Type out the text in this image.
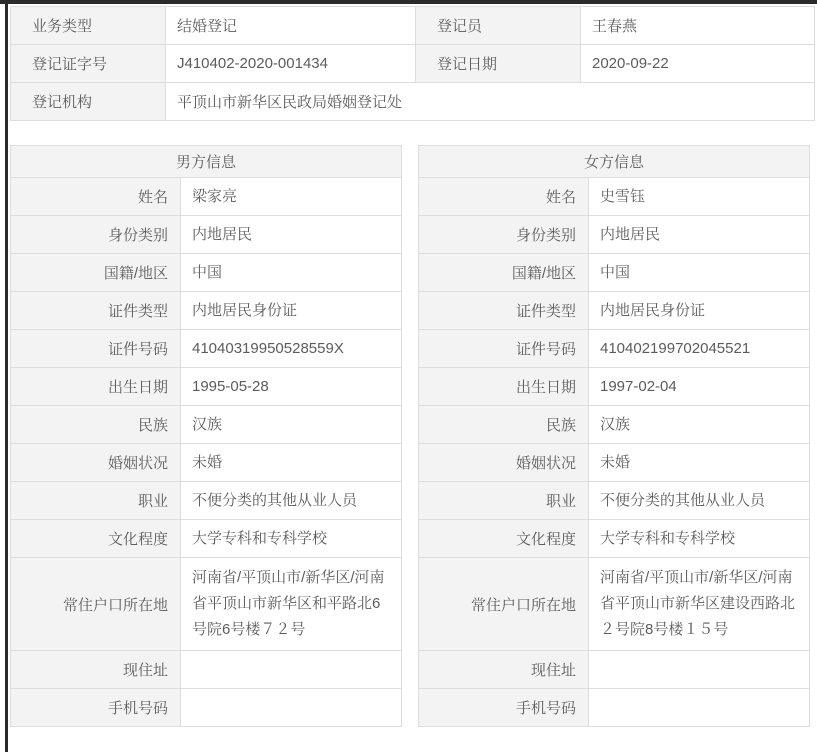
业务类型	结婚登记	登记员	王春燕
登记证字号	J410402-2020-001434	登记日期	2020-09-22
登记机构	平顶山市新华区民政局婚姻登记处		
男方信息	
姓名	梁家亮
身份类别	内地居民
国籍/地区	中国
证件类型	内地居民身份证
证件号码	41040319950528559X
出生日期	1995-05-28
民族	汉族
婚姻状况	未婚
职业	不便分类的其他从业人员
文化程度	大学专科和专科学校
常住户口所在地	河南省/平顶山市/新华区/河南省平顶山市新华区和平路北6号院6号楼７２号
现住址	
手机号码	
女方信息	
姓名	史雪钰
身份类别	内地居民
国籍/地区	中国
证件类型	内地居民身份证
证件号码	410402199702045521
出生日期	1997-02-04
民族	汉族
婚姻状况	未婚
职业	不便分类的其他从业人员
文化程度	大学专科和专科学校
常住户口所在地	河南省/平顶山市/新华区/河南省平顶山市新华区建设西路北２号院8号楼１５号
现住址	
手机号码	
